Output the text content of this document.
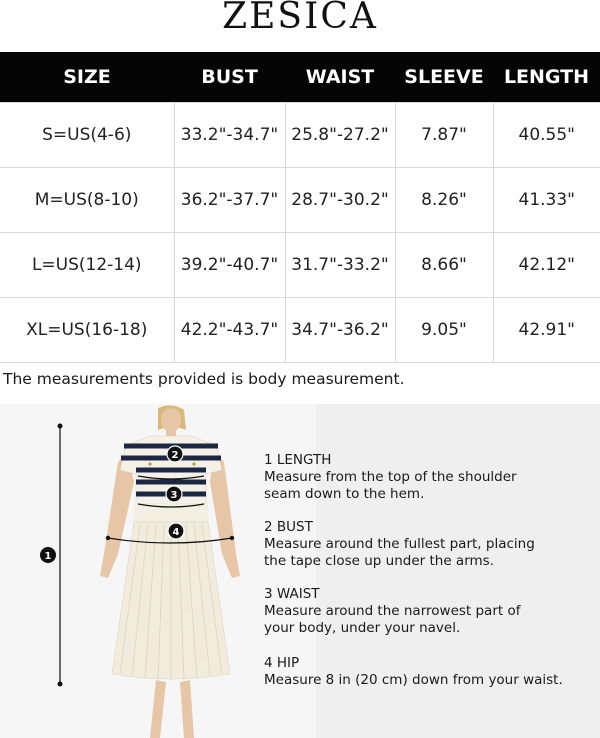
ZESICA
SIZE	BUST	WAIST	SLEEVE	LENGTH
S=US(4-6)	33.2"-34.7"	25.8"-27.2"	7.87"	40.55"
M=US(8-10)	36.2"-37.7"	28.7"-30.2"	8.26"	41.33"
L=US(12-14)	39.2"-40.7"	31.7"-33.2"	8.66"	42.12"
XL=US(16-18)	42.2"-43.7"	34.7"-36.2"	9.05"	42.91"
The measurements provided is body measurement.
1
2
3
4
1 LENGTH
Measure from the top of the shoulder seam down to the hem.
2 BUST
Measure around the fullest part, placing the tape close up under the arms.
3 WAIST
Measure around the narrowest part of your body, under your navel.
4 HIP
Measure 8 in (20 cm) down from your waist.
